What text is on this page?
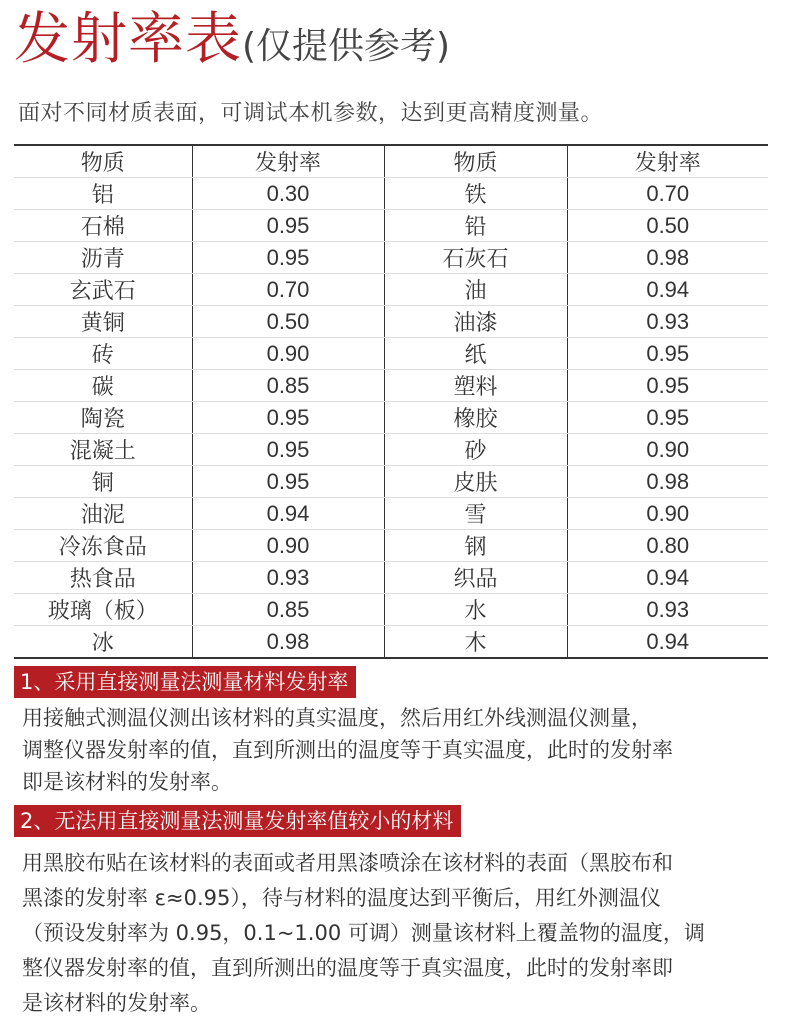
发射率表(仅提供参考)
面对不同材质表面，可调试本机参数，达到更高精度测量。
物质	发射率	物质	发射率
铝	0.30	铁	0.70
石棉	0.95	铅	0.50
沥青	0.95	石灰石	0.98
玄武石	0.70	油	0.94
黄铜	0.50	油漆	0.93
砖	0.90	纸	0.95
碳	0.85	塑料	0.95
陶瓷	0.95	橡胶	0.95
混凝土	0.95	砂	0.90
铜	0.95	皮肤	0.98
油泥	0.94	雪	0.90
冷冻食品	0.90	钢	0.80
热食品	0.93	织品	0.94
玻璃（板）	0.85	水	0.93
冰	0.98	木	0.94
1、采用直接测量法测量材料发射率
用接触式测温仪测出该材料的真实温度，然后用红外线测温仪测量，
调整仪器发射率的值，直到所测出的温度等于真实温度，此时的发射率
即是该材料的发射率。
2、无法用直接测量法测量发射率值较小的材料
用黑胶布贴在该材料的表面或者用黑漆喷涂在该材料的表面（黑胶布和
黑漆的发射率 ε≈0.95），待与材料的温度达到平衡后，用红外测温仪
（预设发射率为 0.95，0.1~1.00 可调）测量该材料上覆盖物的温度，调
整仪器发射率的值，直到所测出的温度等于真实温度，此时的发射率即
是该材料的发射率。
